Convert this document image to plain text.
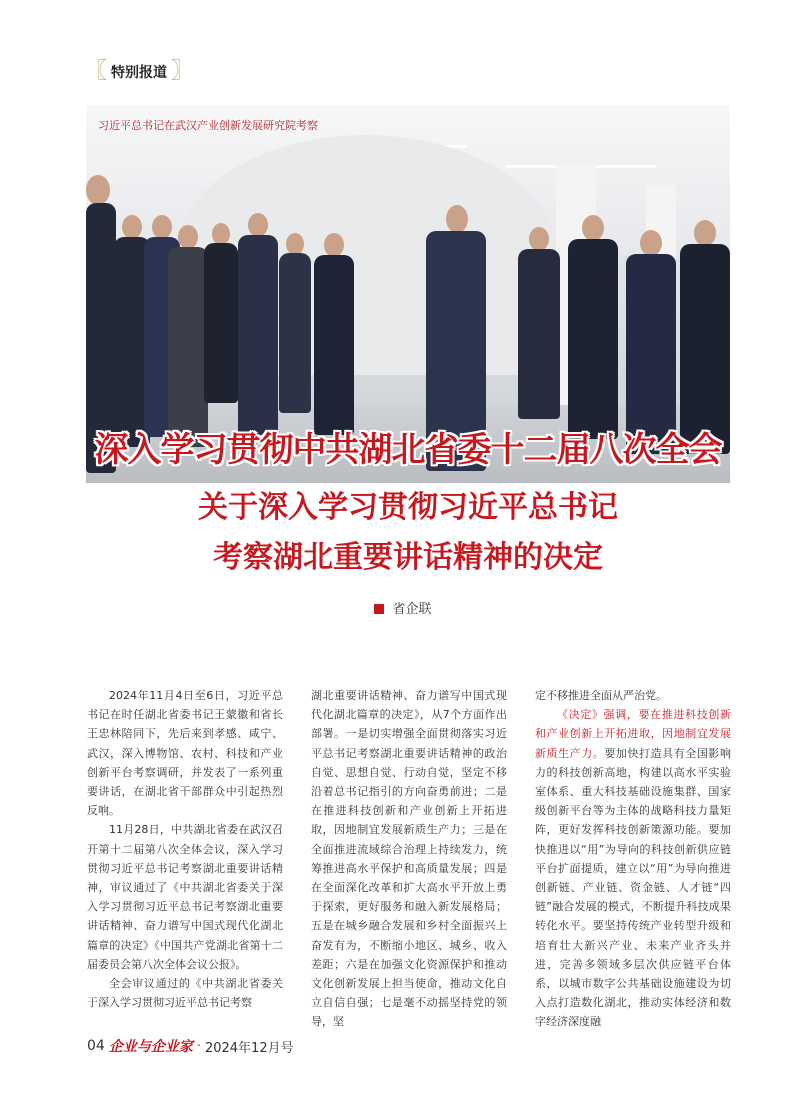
〖 特别报道 〗
习近平总书记在武汉产业创新发展研究院考察
深入学习贯彻中共湖北省委十二届八次全会
关于深入学习贯彻习近平总书记
考察湖北重要讲话精神的决定
省企联

2024年11月4日至6日，习近平总书记在时任湖北省委书记王蒙徽和省长王忠林陪同下，先后来到孝感、咸宁、武汉，深入博物馆、农村、科技和产业创新平台考察调研，并发表了一系列重要讲话，在湖北省干部群众中引起热烈反响。

11月28日，中共湖北省委在武汉召开第十二届第八次全体会议，深入学习贯彻习近平总书记考察湖北重要讲话精神，审议通过了《中共湖北省委关于深入学习贯彻习近平总书记考察湖北重要讲话精神、奋力谱写中国式现代化湖北篇章的决定》《中国共产党湖北省第十二届委员会第八次全体会议公报》。

全会审议通过的《中共湖北省委关于深入学习贯彻习近平总书记考察

湖北重要讲话精神、奋力谱写中国式现代化湖北篇章的决定》，从7个方面作出部署。一是切实增强全面贯彻落实习近平总书记考察湖北重要讲话精神的政治自觉、思想自觉、行动自觉，坚定不移沿着总书记指引的方向奋勇前进；二是在推进科技创新和产业创新上开拓进取，因地制宜发展新质生产力；三是在全面推进流域综合治理上持续发力，统筹推进高水平保护和高质量发展；四是在全面深化改革和扩大高水平开放上勇于探索，更好服务和融入新发展格局；五是在城乡融合发展和乡村全面振兴上奋发有为，不断缩小地区、城乡、收入差距；六是在加强文化资源保护和推动文化创新发展上担当使命，推动文化自立自信自强；七是毫不动摇坚持党的领导，坚

定不移推进全面从严治党。

《决定》强调，要在推进科技创新和产业创新上开拓进取，因地制宜发展新质生产力。要加快打造具有全国影响力的科技创新高地，构建以高水平实验室体系、重大科技基础设施集群、国家级创新平台等为主体的战略科技力量矩阵，更好发挥科技创新策源功能。要加快推进以“用”为导向的科技创新供应链平台扩面提质，建立以“用”为导向推进创新链、产业链、资金链、人才链“四链”融合发展的模式，不断提升科技成果转化水平。要坚持传统产业转型升级和培育壮大新兴产业、未来产业齐头并进，完善多领域多层次供应链平台体系，以城市数字公共基础设施建设为切入点打造数化湖北，推动实体经济和数字经济深度融

04 企业与企业家 · 2024年12月号
